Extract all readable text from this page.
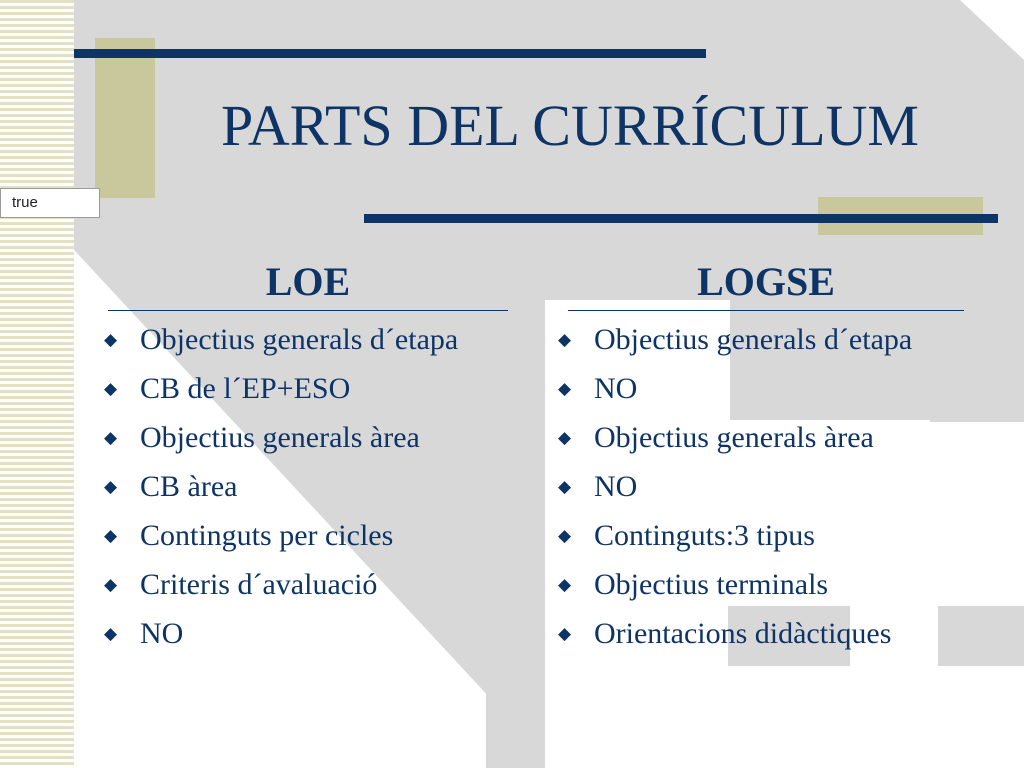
PARTS DEL CURRÍCULUM
true
LOE
◆ Objectius generals d´etapa
◆ CB de l´EP+ESO
◆ Objectius generals àrea
◆ CB àrea
◆ Continguts per cicles
◆ Criteris d´avaluació
◆ NO
LOGSE
◆ Objectius generals d´etapa
◆ NO
◆ Objectius generals àrea
◆ NO
◆ Continguts:3 tipus
◆ Objectius terminals
◆ Orientacions didàctiques
